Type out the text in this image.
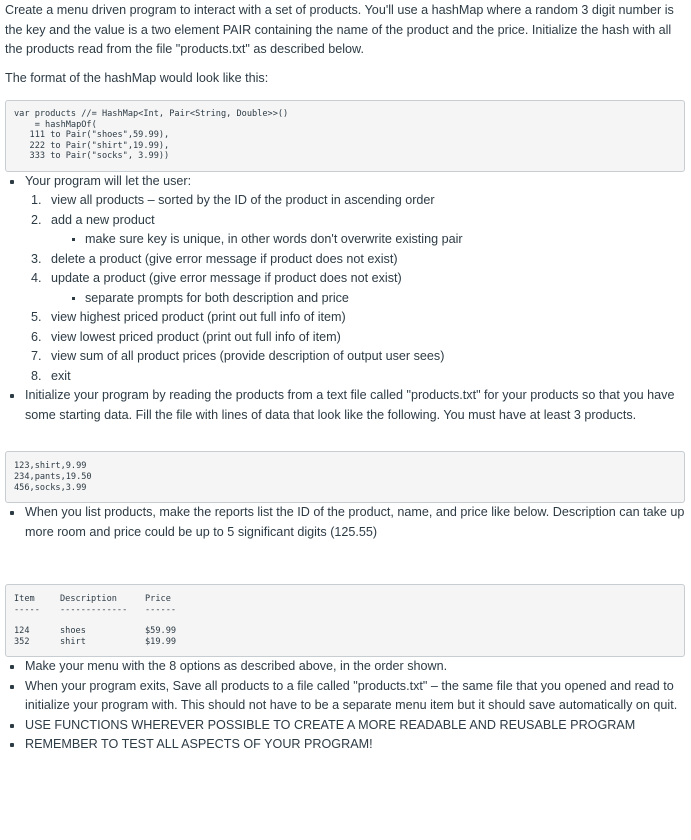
Create a menu driven program to interact with a set of products. You'll use a hashMap where a random 3 digit number is the key and the value is a two element PAIR containing the name of the product and the price. Initialize the hash with all the products read from the file "products.txt" as described below.

The format of the hashMap would look like this:

var products //= HashMap<Int, Pair<String, Double>>()
= hashMapOf(
111 to Pair("shoes",59.99),
222 to Pair("shirt",19.99),
333 to Pair("socks", 3.99))
Your program will let the user:
1. view all products – sorted by the ID of the product in ascending order
2. add a new product
make sure key is unique, in other words don't overwrite existing pair
3. delete a product (give error message if product does not exist)
4. update a product (give error message if product does not exist)
separate prompts for both description and price
5. view highest priced product (print out full info of item)
6. view lowest priced product (print out full info of item)
7. view sum of all product prices (provide description of output user sees)
8. exit
Initialize your program by reading the products from a text file called "products.txt" for your products so that you have some starting data. Fill the file with lines of data that look like the following. You must have at least 3 products.
123,shirt,9.99
234,pants,19.50
456,socks,3.99
When you list products, make the reports list the ID of the product, name, and price like below. Description can take up more room and price could be up to 5 significant digits (125.55)
Item	Description	Price
-----	-------------	------

124	shoes	$59.99
352	shirt	$19.99
Make your menu with the 8 options as described above, in the order shown.
When your program exits, Save all products to a file called "products.txt" – the same file that you opened and read to initialize your program with. This should not have to be a separate menu item but it should save automatically on quit.
USE FUNCTIONS WHEREVER POSSIBLE TO CREATE A MORE READABLE AND REUSABLE PROGRAM
REMEMBER TO TEST ALL ASPECTS OF YOUR PROGRAM!
